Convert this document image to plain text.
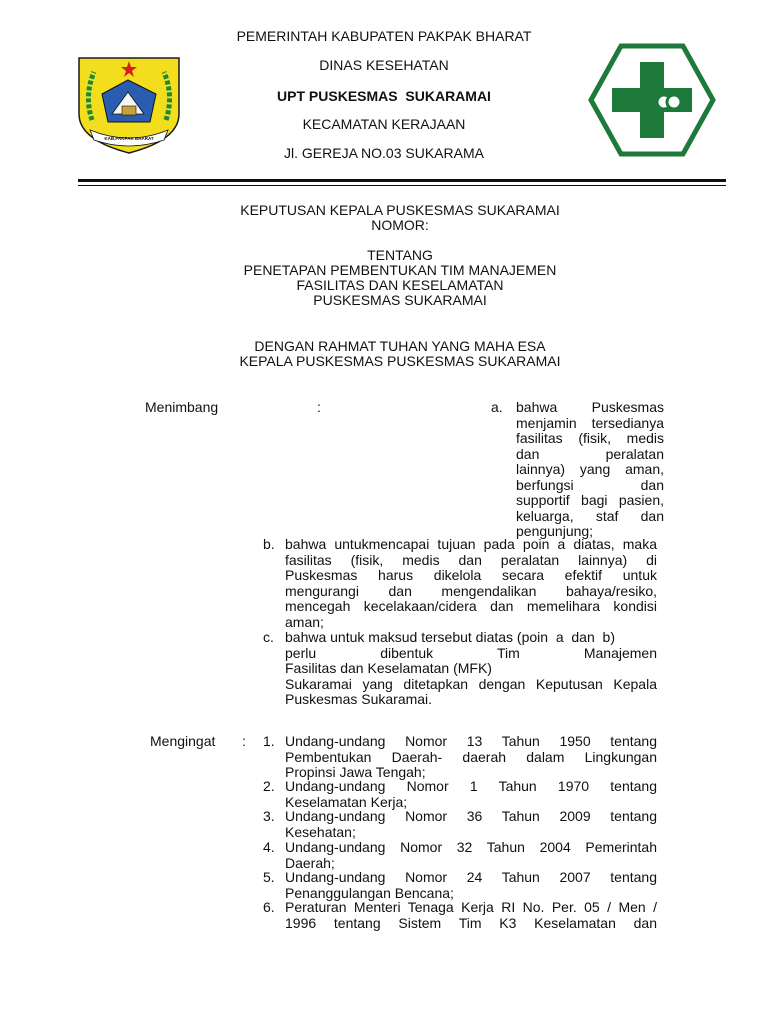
KAB.PAKPAK BHARAT
PEMERINTAH KABUPATEN PAKPAK BHARAT
DINAS KESEHATAN
UPT PUSKESMAS  SUKARAMAI
KECAMATAN KERAJAAN
Jl. GEREJA NO.03 SUKARAMA
KEPUTUSAN KEPALA PUSKESMAS SUKARAMAI
NOMOR:
TENTANG
PENETAPAN PEMBENTUKAN TIM MANAJEMEN
FASILITAS DAN KESELAMATAN
PUSKESMAS SUKARAMAI
DENGAN RAHMAT TUHAN YANG MAHA ESA
KEPALA PUSKESMAS PUSKESMAS SUKARAMAI
Menimbang	:	a. bahwa Puskesmas
menjamin tersedianya
fasilitas (fisik, medis
dan peralatan
lainnya) yang aman,
berfungsi dan
supportif bagi pasien,
keluarga, staf dan
pengunjung;
b. bahwa untukmencapai tujuan pada poin a diatas, maka
fasilitas (fisik, medis dan peralatan lainnya) di
Puskesmas harus dikelola secara efektif untuk
mengurangi dan mengendalikan bahaya/resiko,
mencegah kecelakaan/cidera dan memelihara kondisi
aman;
c. bahwa untuk maksud tersebut diatas (poin  a  dan  b)
perlu dibentuk Tim Manajemen
Fasilitas dan Keselamatan (MFK)
Sukaramai yang ditetapkan dengan Keputusan Kepala
Puskesmas Sukaramai.
Mengingat : 1. Undang-undang Nomor 13 Tahun 1950 tentang
Pembentukan Daerah- daerah dalam Lingkungan
Propinsi Jawa Tengah;
2. Undang-undang Nomor 1 Tahun 1970 tentang
Keselamatan Kerja;
3. Undang-undang Nomor 36 Tahun 2009 tentang
Kesehatan;
4. Undang-undang Nomor 32 Tahun 2004 Pemerintah
Daerah;
5. Undang-undang Nomor 24 Tahun 2007 tentang
Penanggulangan Bencana;
6. Peraturan Menteri Tenaga Kerja RI No. Per. 05 / Men /
1996 tentang Sistem Tim K3 Keselamatan dan
